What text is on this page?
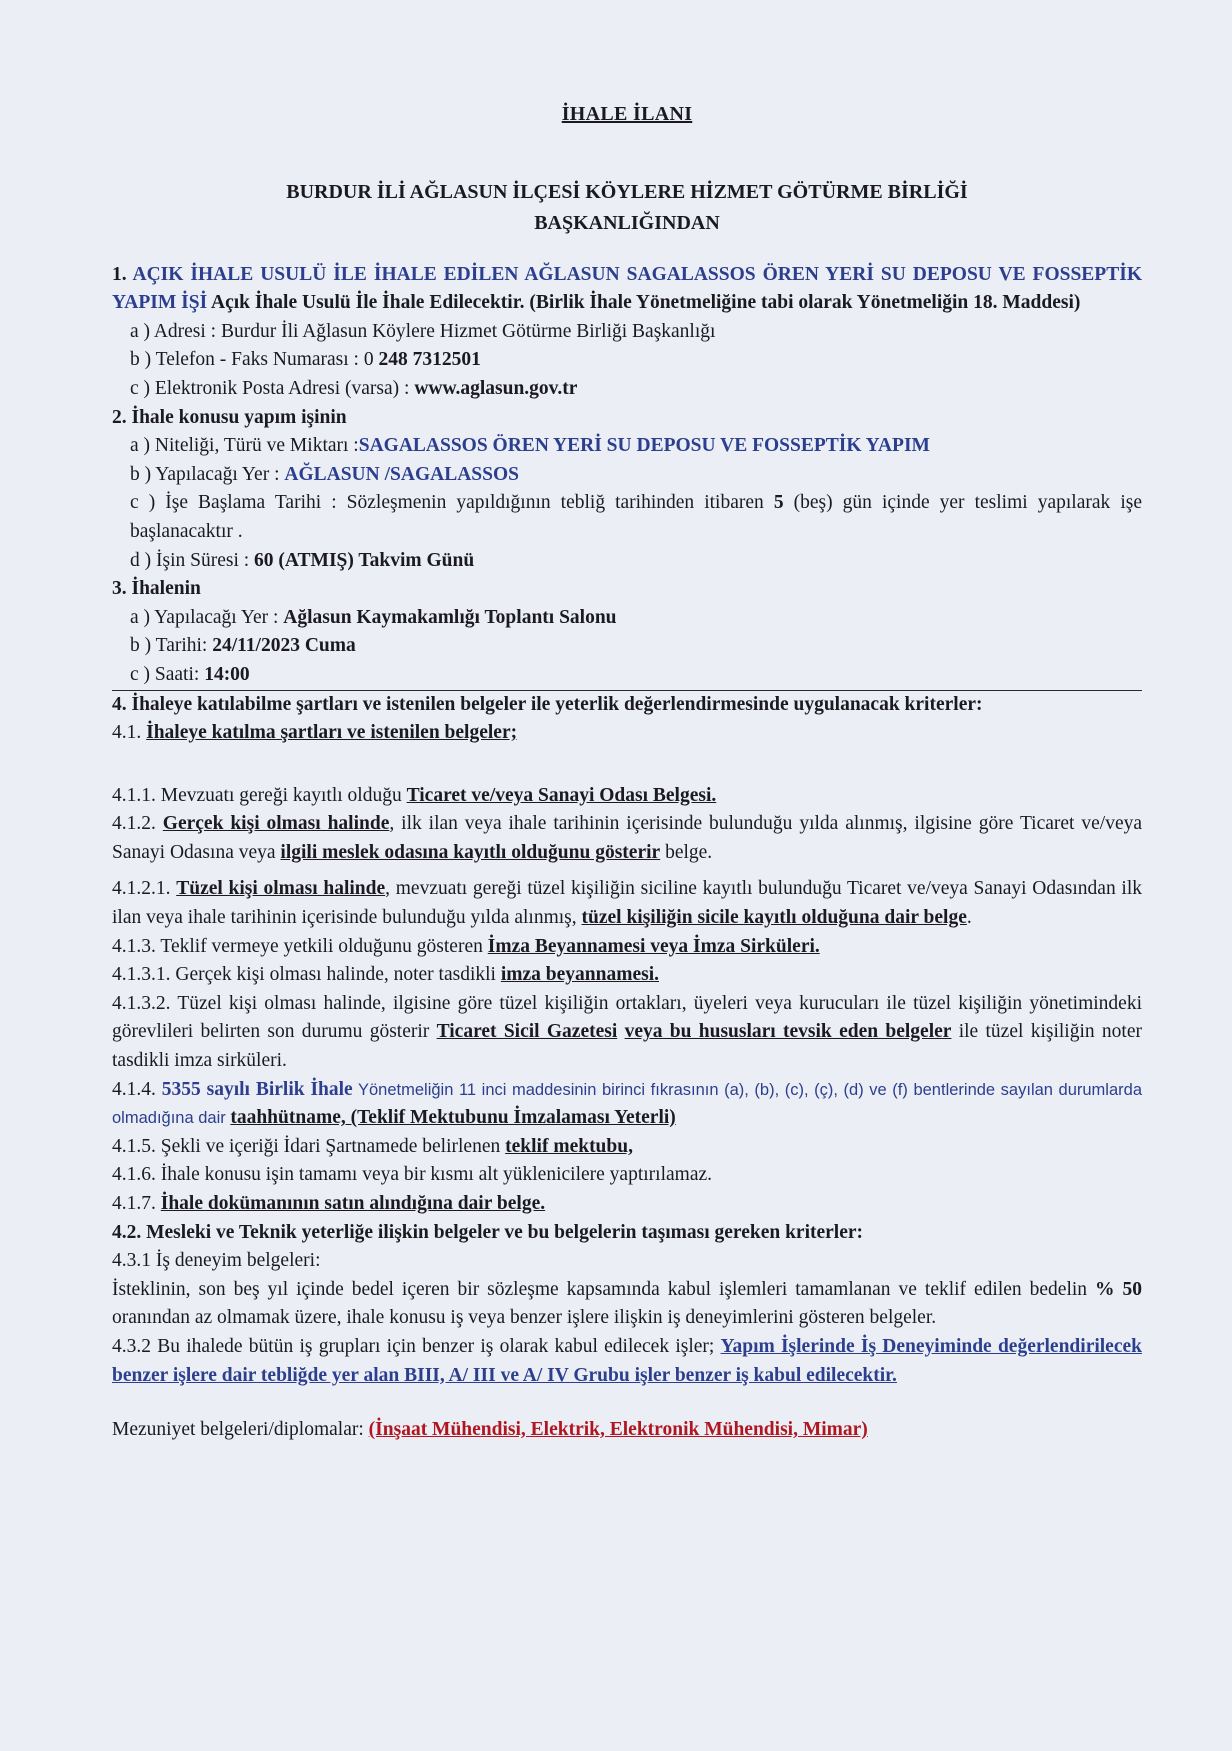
İHALE İLANI
BURDUR İLİ AĞLASUN İLÇESİ KÖYLERE HİZMET GÖTÜRME BİRLİĞİ
BAŞKANLIĞINDAN

1. AÇIK İHALE USULÜ İLE İHALE EDİLEN AĞLASUN SAGALASSOS ÖREN YERİ SU DEPOSU VE FOSSEPTİK YAPIM İŞİ Açık İhale Usulü İle İhale Edilecektir. (Birlik İhale Yönetmeliğine tabi olarak Yönetmeliğin 18. Maddesi)

a ) Adresi : Burdur İli Ağlasun Köylere Hizmet Götürme Birliği Başkanlığı

b ) Telefon - Faks Numarası : 0 248 7312501

c ) Elektronik Posta Adresi (varsa) : www.aglasun.gov.tr

2. İhale konusu yapım işinin

a ) Niteliği, Türü ve Miktarı :SAGALASSOS ÖREN YERİ SU DEPOSU VE FOSSEPTİK YAPIM

b ) Yapılacağı Yer : AĞLASUN /SAGALASSOS

c ) İşe Başlama Tarihi : Sözleşmenin yapıldığının tebliğ tarihinden itibaren 5 (beş) gün içinde yer teslimi yapılarak işe başlanacaktır .

d ) İşin Süresi : 60 (ATMIŞ) Takvim Günü

3. İhalenin

a ) Yapılacağı Yer : Ağlasun Kaymakamlığı Toplantı Salonu

b ) Tarihi: 24/11/2023 Cuma

c ) Saati: 14:00

4. İhaleye katılabilme şartları ve istenilen belgeler ile yeterlik değerlendirmesinde uygulanacak kriterler:

4.1. İhaleye katılma şartları ve istenilen belgeler;

4.1.1. Mevzuatı gereği kayıtlı olduğu Ticaret ve/veya Sanayi Odası Belgesi.

4.1.2. Gerçek kişi olması halinde, ilk ilan veya ihale tarihinin içerisinde bulunduğu yılda alınmış, ilgisine göre Ticaret ve/veya Sanayi Odasına veya ilgili meslek odasına kayıtlı olduğunu gösterir belge.

4.1.2.1. Tüzel kişi olması halinde, mevzuatı gereği tüzel kişiliğin siciline kayıtlı bulunduğu Ticaret ve/veya Sanayi Odasından ilk ilan veya ihale tarihinin içerisinde bulunduğu yılda alınmış, tüzel kişiliğin sicile kayıtlı olduğuna dair belge.

4.1.3. Teklif vermeye yetkili olduğunu gösteren İmza Beyannamesi veya İmza Sirküleri.

4.1.3.1. Gerçek kişi olması halinde, noter tasdikli imza beyannamesi.

4.1.3.2. Tüzel kişi olması halinde, ilgisine göre tüzel kişiliğin ortakları, üyeleri veya kurucuları ile tüzel kişiliğin yönetimindeki görevlileri belirten son durumu gösterir Ticaret Sicil Gazetesi veya bu hususları tevsik eden belgeler ile tüzel kişiliğin noter tasdikli imza sirküleri.

4.1.4. 5355 sayılı Birlik İhale Yönetmeliğin 11 inci maddesinin birinci fıkrasının (a), (b), (c), (ç), (d) ve (f) bentlerinde sayılan durumlarda olmadığına dair taahhütname, (Teklif Mektubunu İmzalaması Yeterli)

4.1.5. Şekli ve içeriği İdari Şartnamede belirlenen teklif mektubu,

4.1.6. İhale konusu işin tamamı veya bir kısmı alt yüklenicilere yaptırılamaz.

4.1.7. İhale dokümanının satın alındığına dair belge.

4.2. Mesleki ve Teknik yeterliğe ilişkin belgeler ve bu belgelerin taşıması gereken kriterler:

4.3.1 İş deneyim belgeleri:

İsteklinin, son beş yıl içinde bedel içeren bir sözleşme kapsamında kabul işlemleri tamamlanan ve teklif edilen bedelin % 50 oranından az olmamak üzere, ihale konusu iş veya benzer işlere ilişkin iş deneyimlerini gösteren belgeler.

4.3.2 Bu ihalede bütün iş grupları için benzer iş olarak kabul edilecek işler; Yapım İşlerinde İş Deneyiminde değerlendirilecek benzer işlere dair tebliğde yer alan BIII, A/ III ve A/ IV Grubu işler benzer iş kabul edilecektir.

Mezuniyet belgeleri/diplomalar: (İnşaat Mühendisi, Elektrik, Elektronik Mühendisi, Mimar)
